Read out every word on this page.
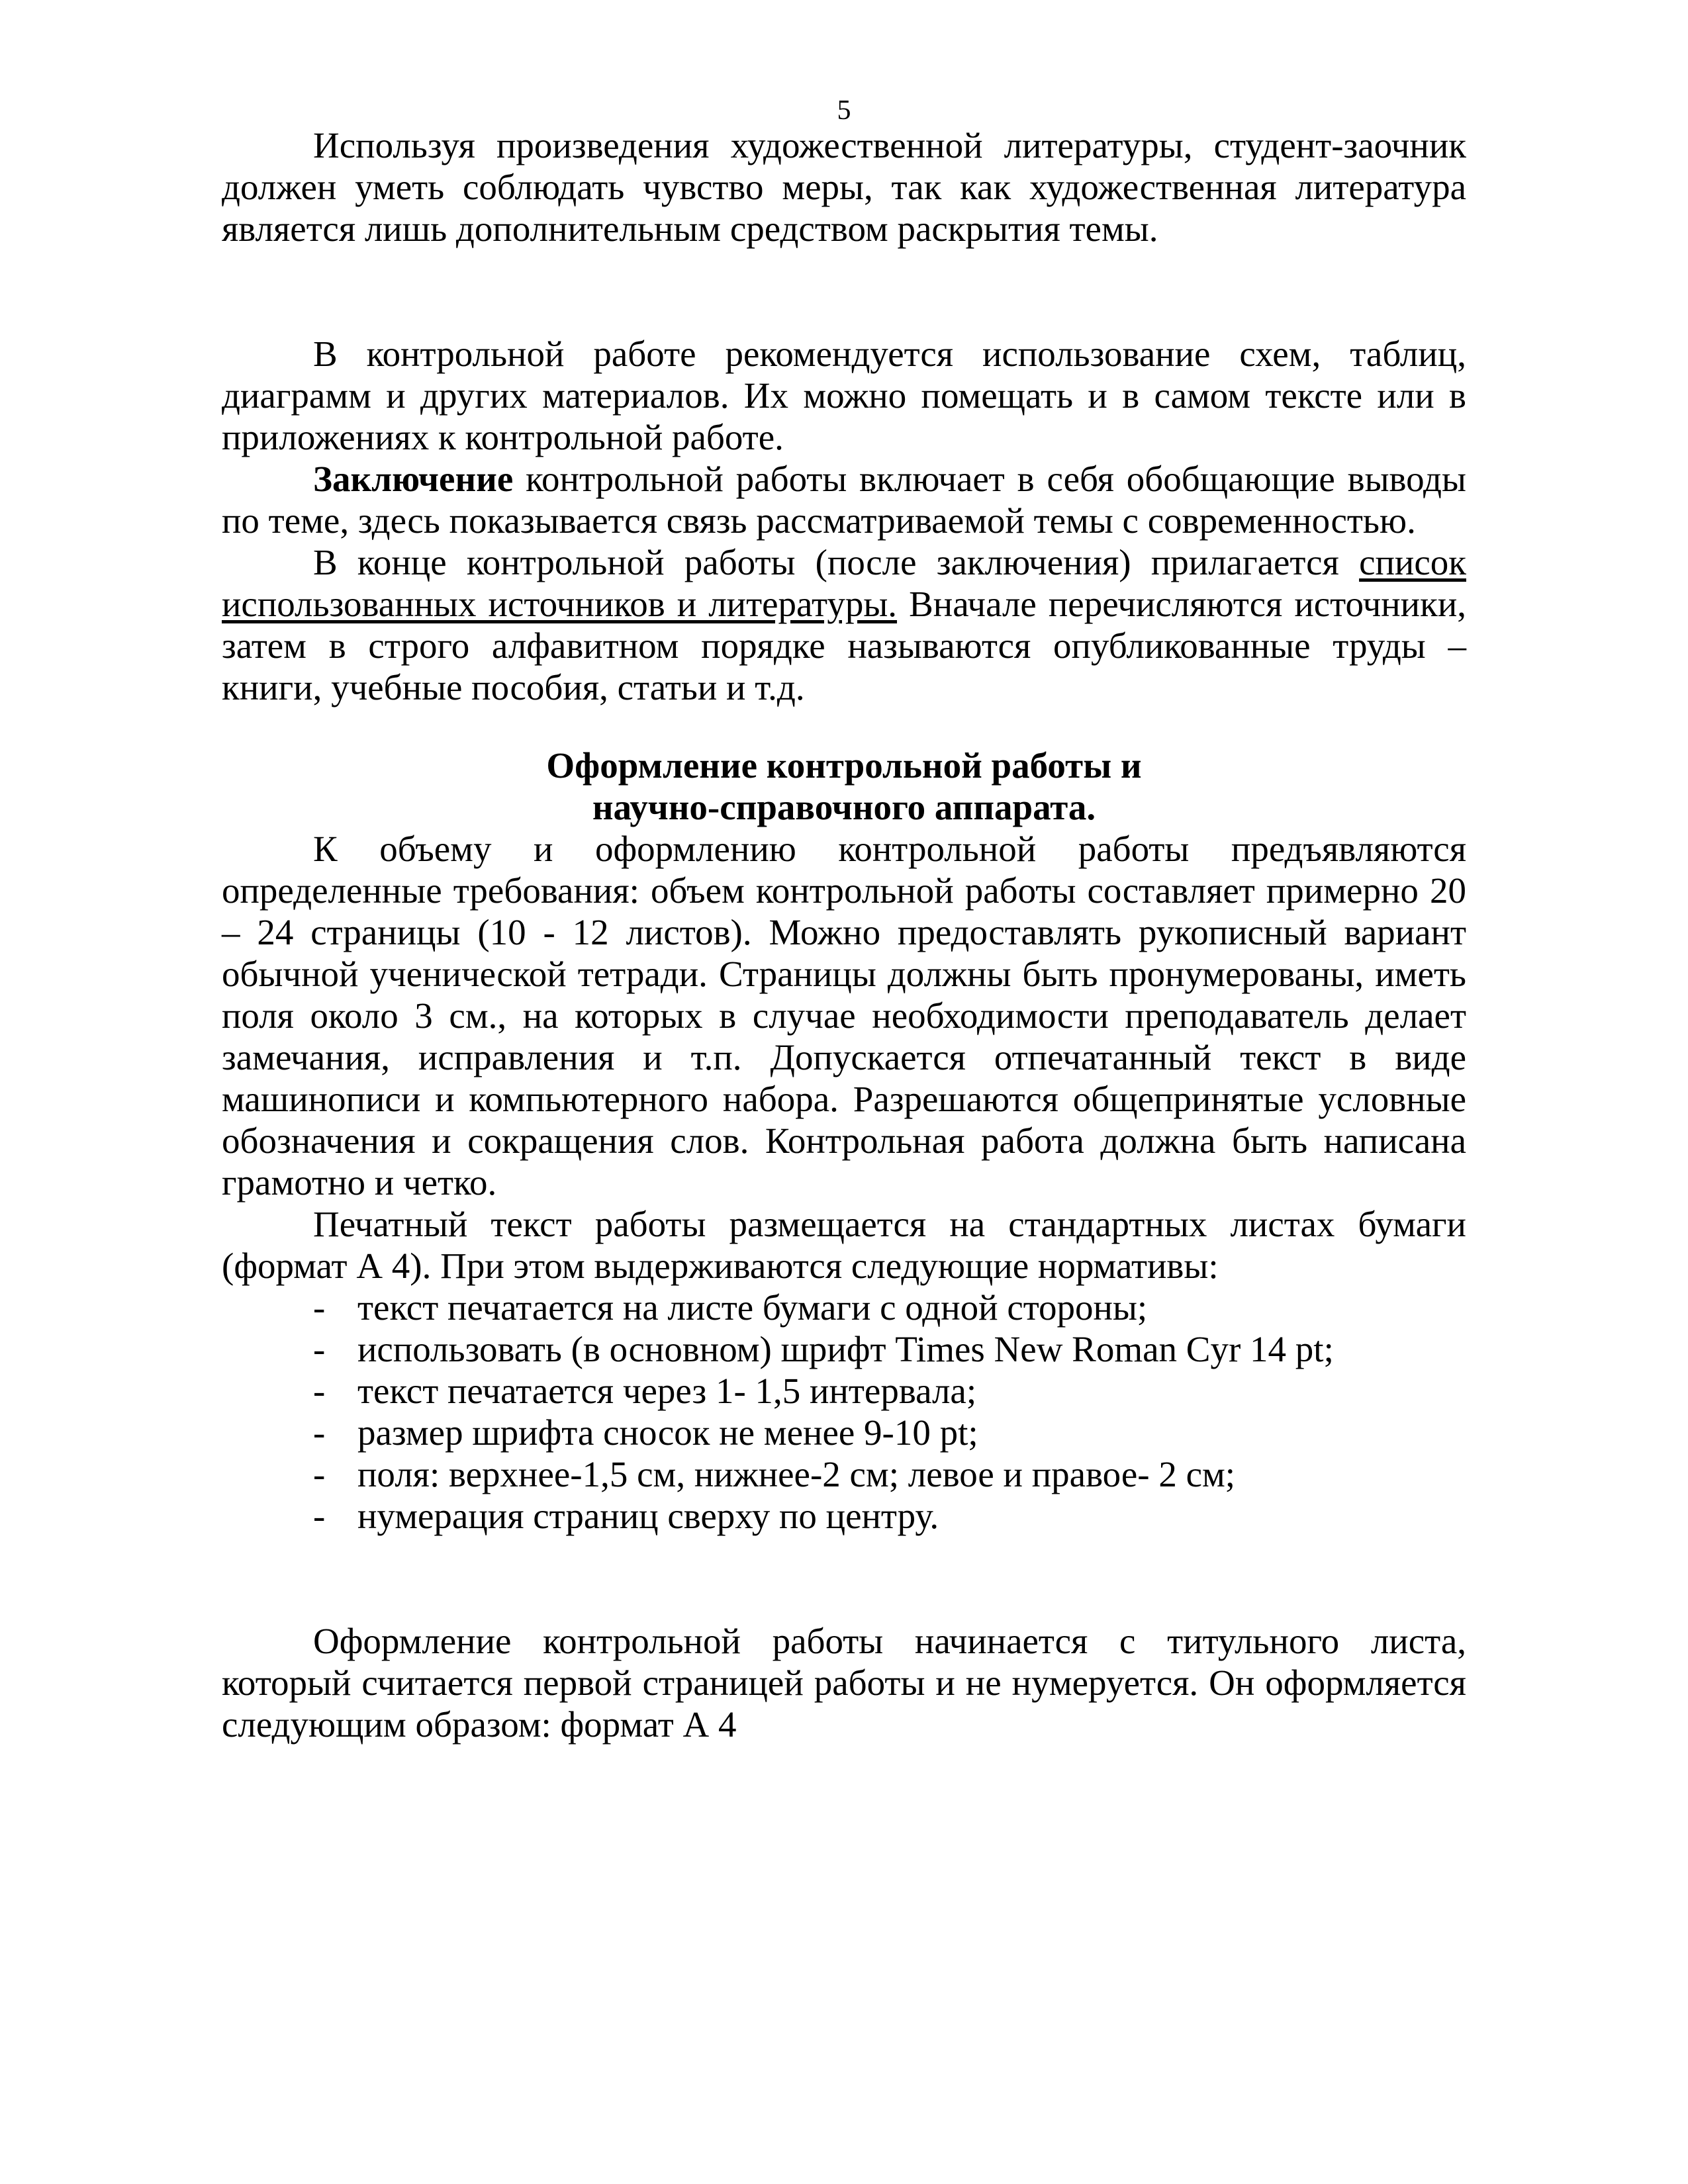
5

Используя произведения художественной литературы, студент-заочник должен уметь соблюдать чувство меры, так как художественная литература является лишь дополнительным средством раскрытия темы.

В контрольной работе рекомендуется использование схем, таблиц, диаграмм и других материалов. Их можно помещать и в самом тексте или в приложениях к контрольной работе.

Заключение контрольной работы включает в себя обобщающие выводы по теме, здесь показывается связь рассматриваемой темы с современностью.

В конце контрольной работы (после заключения) прилагается список использованных источников и литературы. Вначале перечисляются источники, затем в строго алфавитном порядке называются опубликованные труды – книги, учебные пособия, статьи и т.д.

Оформление контрольной работы и
научно-справочного аппарата.

К объему и оформлению контрольной работы предъявляются определенные требования: объем контрольной работы составляет примерно 20 – 24 страницы (10 - 12 листов). Можно предоставлять рукописный вариант обычной ученической тетради. Страницы должны быть пронумерованы, иметь поля около 3 см., на которых в случае необходимости преподаватель делает замечания, исправления и т.п. Допускается отпечатанный текст в виде машинописи и компьютерного набора. Разрешаются общепринятые условные обозначения и сокращения слов. Контрольная работа должна быть написана грамотно и четко.

Печатный текст работы размещается на стандартных листах бумаги (формат А 4). При этом выдерживаются следующие нормативы:

- текст печатается на листе бумаги с одной стороны;
- использовать (в основном) шрифт Times New Roman Cyr 14 pt;
- текст печатается через 1- 1,5 интервала;
- размер шрифта сносок не менее 9-10 pt;
- поля: верхнее-1,5 см, нижнее-2 см; левое и правое- 2 см;
- нумерация страниц сверху по центру.

Оформление контрольной работы начинается с титульного листа, который считается первой страницей работы и не нумеруется. Он оформляется следующим образом: формат А 4
